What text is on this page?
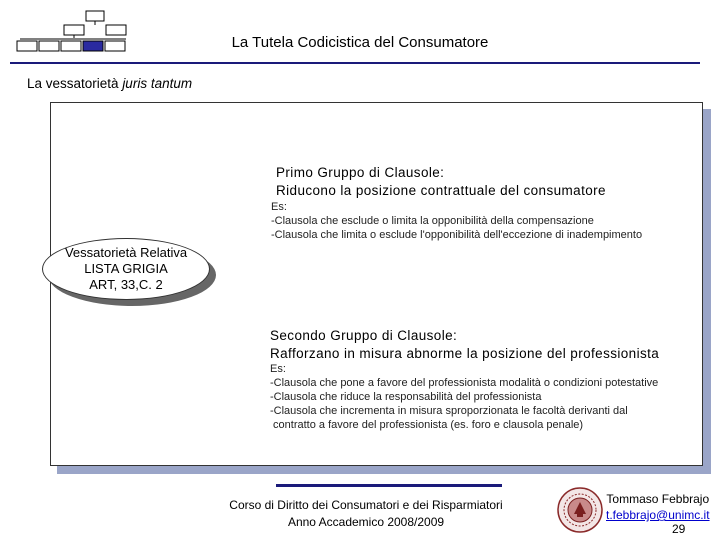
La Tutela Codicistica del Consumatore
La vessatorietà juris tantum
Primo Gruppo di Clausole:
Riducono la posizione contrattuale del consumatore
Es:
-Clausola che esclude o limita la opponibilità della compensazione
-Clausola che limita o esclude l'opponibilità dell'eccezione di inadempimento
Vessatorietà Relativa
LISTA GRIGIA
ART, 33,C. 2
Secondo Gruppo di Clausole:
Rafforzano in misura abnorme la posizione del professionista
Es:
-Clausola che pone a favore del professionista modalità o condizioni potestative
-Clausola che riduce la responsabilità del professionista
-Clausola che incrementa in misura sproporzionata le facoltà derivanti dal
contratto a favore del professionista (es. foro e clausola penale)
Corso di Diritto dei Consumatori e dei Risparmiatori
Anno Accademico 2008/2009
Tommaso Febbrajo
t.febbrajo@unimc.it
29
